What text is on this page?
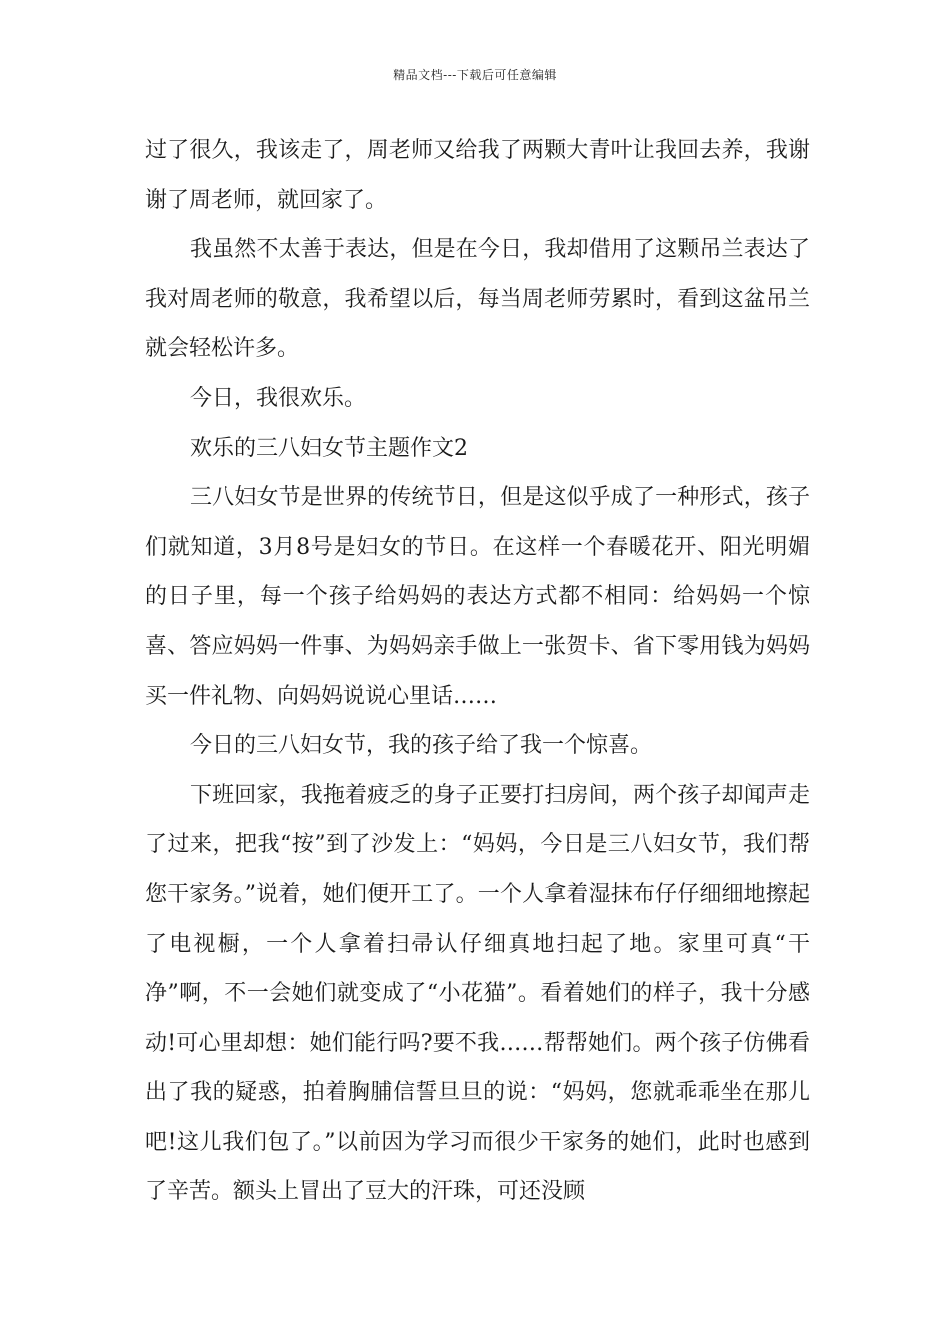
精品文档---下载后可任意编辑

过了很久，我该走了，周老师又给我了两颗大青叶让我回去养，我谢谢了周老师，就回家了。

我虽然不太善于表达，但是在今日，我却借用了这颗吊兰表达了我对周老师的敬意，我希望以后，每当周老师劳累时，看到这盆吊兰就会轻松许多。

今日，我很欢乐。

欢乐的三八妇女节主题作文2

三八妇女节是世界的传统节日，但是这似乎成了一种形式，孩子们就知道，3月8号是妇女的节日。在这样一个春暖花开、阳光明媚的日子里，每一个孩子给妈妈的表达方式都不相同：给妈妈一个惊喜、答应妈妈一件事、为妈妈亲手做上一张贺卡、省下零用钱为妈妈买一件礼物、向妈妈说说心里话……

今日的三八妇女节，我的孩子给了我一个惊喜。

下班回家，我拖着疲乏的身子正要打扫房间，两个孩子却闻声走了过来，把我“按”到了沙发上：“妈妈，今日是三八妇女节，我们帮您干家务。”说着，她们便开工了。一个人拿着湿抹布仔仔细细地擦起了电视橱，一个人拿着扫帚认仔细真地扫起了地。家里可真“干净”啊，不一会她们就变成了“小花猫”。看着她们的样子，我十分感动!可心里却想：她们能行吗?要不我……帮帮她们。两个孩子仿佛看出了我的疑惑，拍着胸脯信誓旦旦的说：“妈妈，您就乖乖坐在那儿吧!这儿我们包了。”以前因为学习而很少干家务的她们，此时也感到了辛苦。额头上冒出了豆大的汗珠，可还没顾
